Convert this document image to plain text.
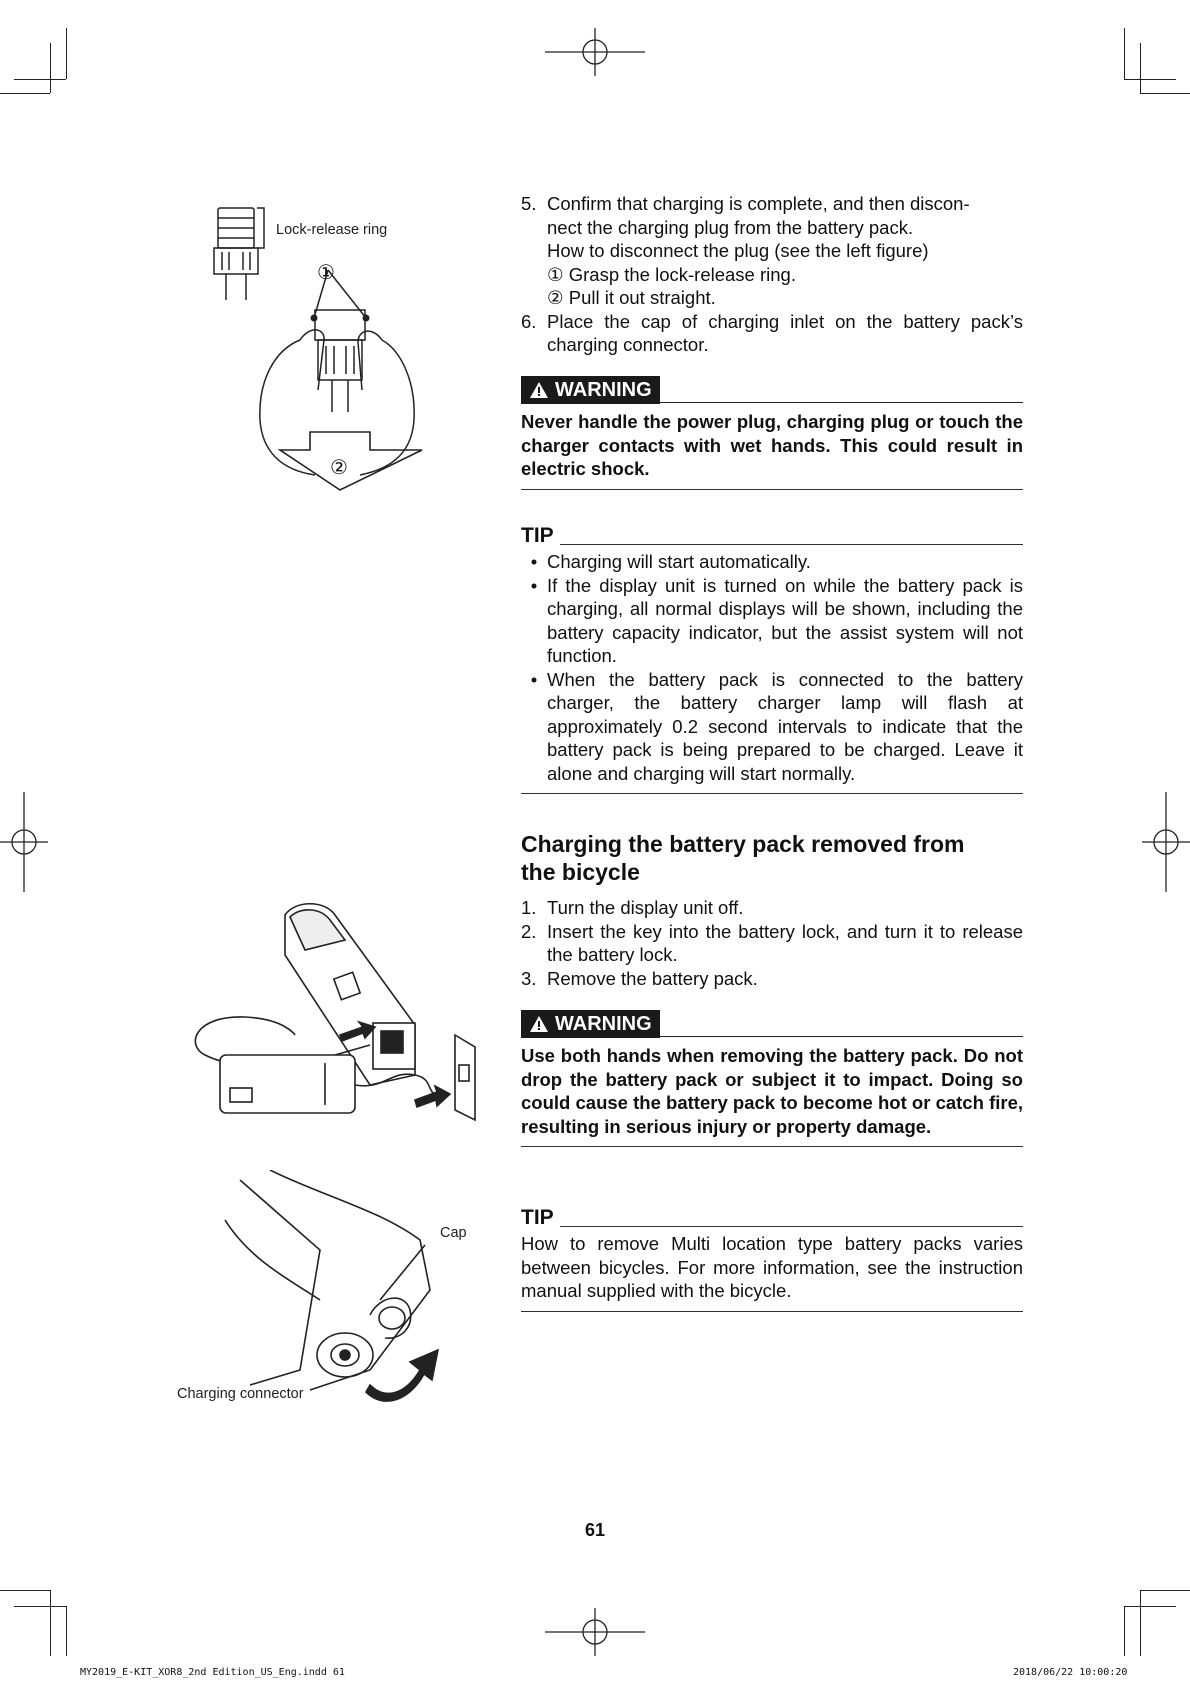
Lock-release ring
①
②
Cap
Charging connector
5. Confirm that charging is complete, and then discon-
nect the charging plug from the battery pack.
How to disconnect the plug (see the left figure)
① Grasp the lock-release ring.
② Pull it out straight.
6. Place the cap of charging inlet on the battery pack’s charging connector.
WARNING
Never handle the power plug, charging plug or touch the charger contacts with wet hands. This could result in electric shock.
TIP
• Charging will start automatically.
• If the display unit is turned on while the battery pack is charging, all normal displays will be shown, including the battery capacity indicator, but the assist system will not function.
• When the battery pack is connected to the battery charger, the battery charger lamp will flash at approximately 0.2 second intervals to indicate that the battery pack is being prepared to be charged. Leave it alone and charging will start normally.
Charging the battery pack removed from
the bicycle
1. Turn the display unit off.
2. Insert the key into the battery lock, and turn it to release the battery lock.
3. Remove the battery pack.
WARNING
Use both hands when removing the battery pack. Do not drop the battery pack or subject it to impact. Doing so could cause the battery pack to become hot or catch fire, resulting in serious injury or property damage.
TIP
How to remove Multi location type battery packs varies between bicycles. For more information, see the instruction manual supplied with the bicycle.
61
MY2019_E-KIT_XOR8_2nd Edition_US_Eng.indd 61	2018/06/22 10:00:20
